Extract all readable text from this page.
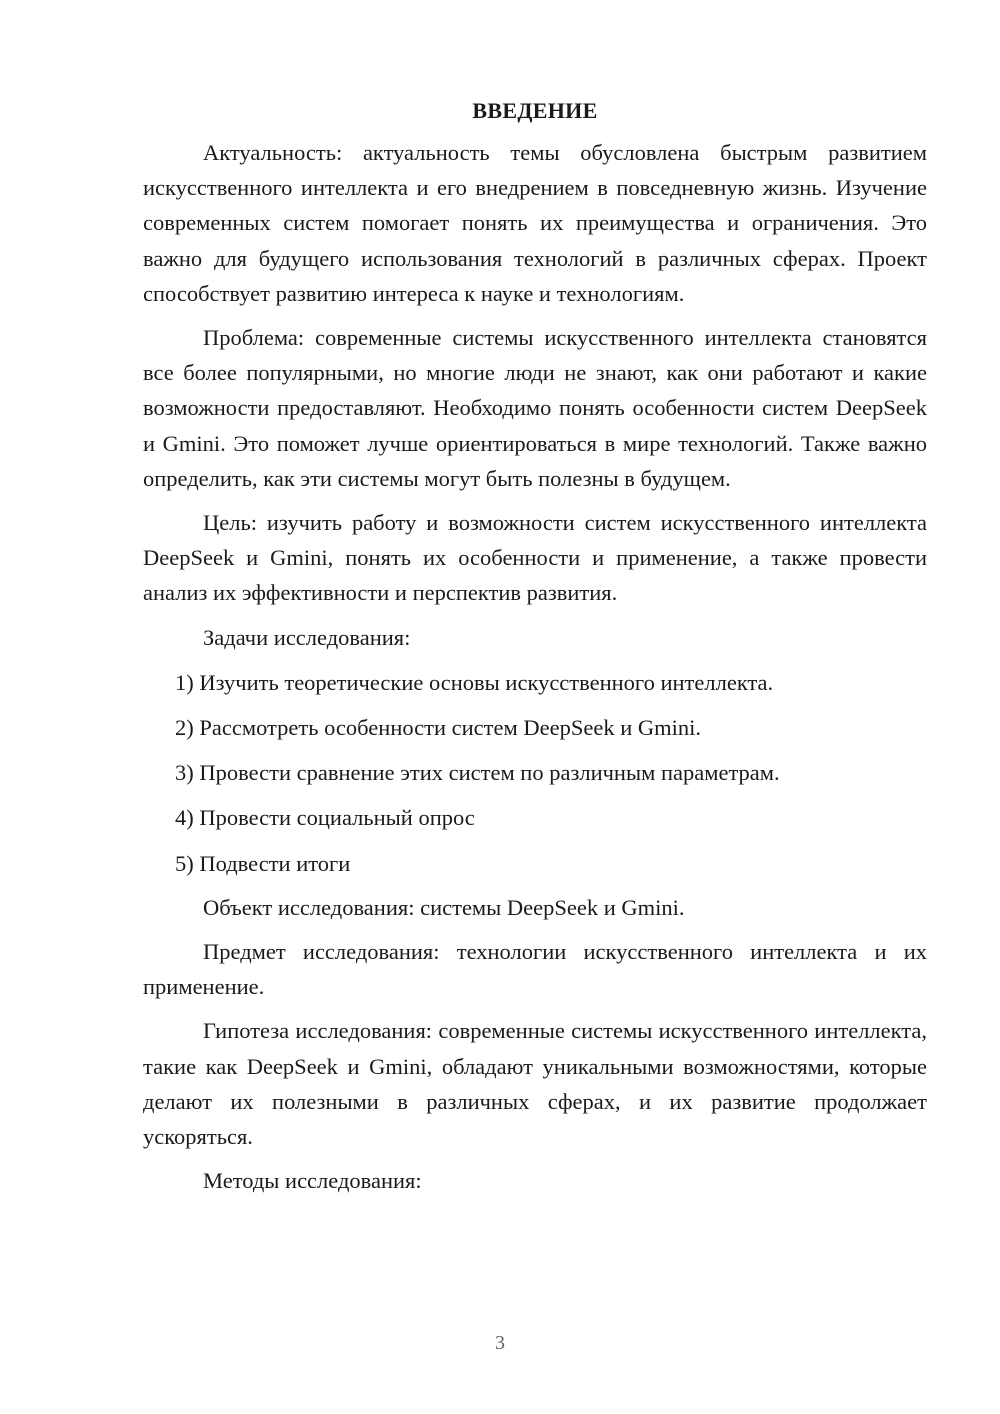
ВВЕДЕНИЕ

Актуальность: актуальность темы обусловлена быстрым развитием искусственного интеллекта и его внедрением в повседневную жизнь. Изучение современных систем помогает понять их преимущества и ограничения. Это важно для будущего использования технологий в различных сферах. Проект способствует развитию интереса к науке и технологиям.

Проблема: современные системы искусственного интеллекта становятся все более популярными, но многие люди не знают, как они работают и какие возможности предоставляют. Необходимо понять особенности систем DeepSeek и Gmini. Это поможет лучше ориентироваться в мире технологий. Также важно определить, как эти системы могут быть полезны в будущем.

Цель: изучить работу и возможности систем искусственного интеллекта DeepSeek и Gmini, понять их особенности и применение, а также провести анализ их эффективности и перспектив развития.

Задачи исследования:

1) Изучить теоретические основы искусственного интеллекта.
2) Рассмотреть особенности систем DeepSeek и Gmini.
3) Провести сравнение этих систем по различным параметрам.
4) Провести социальный опрос
5) Подвести итоги

Объект исследования: системы DeepSeek и Gmini.

Предмет исследования: технологии искусственного интеллекта и их применение.

Гипотеза исследования: современные системы искусственного интеллекта, такие как DeepSeek и Gmini, обладают уникальными возможностями, которые делают их полезными в различных сферах, и их развитие продолжает ускоряться.

Методы исследования:

3
